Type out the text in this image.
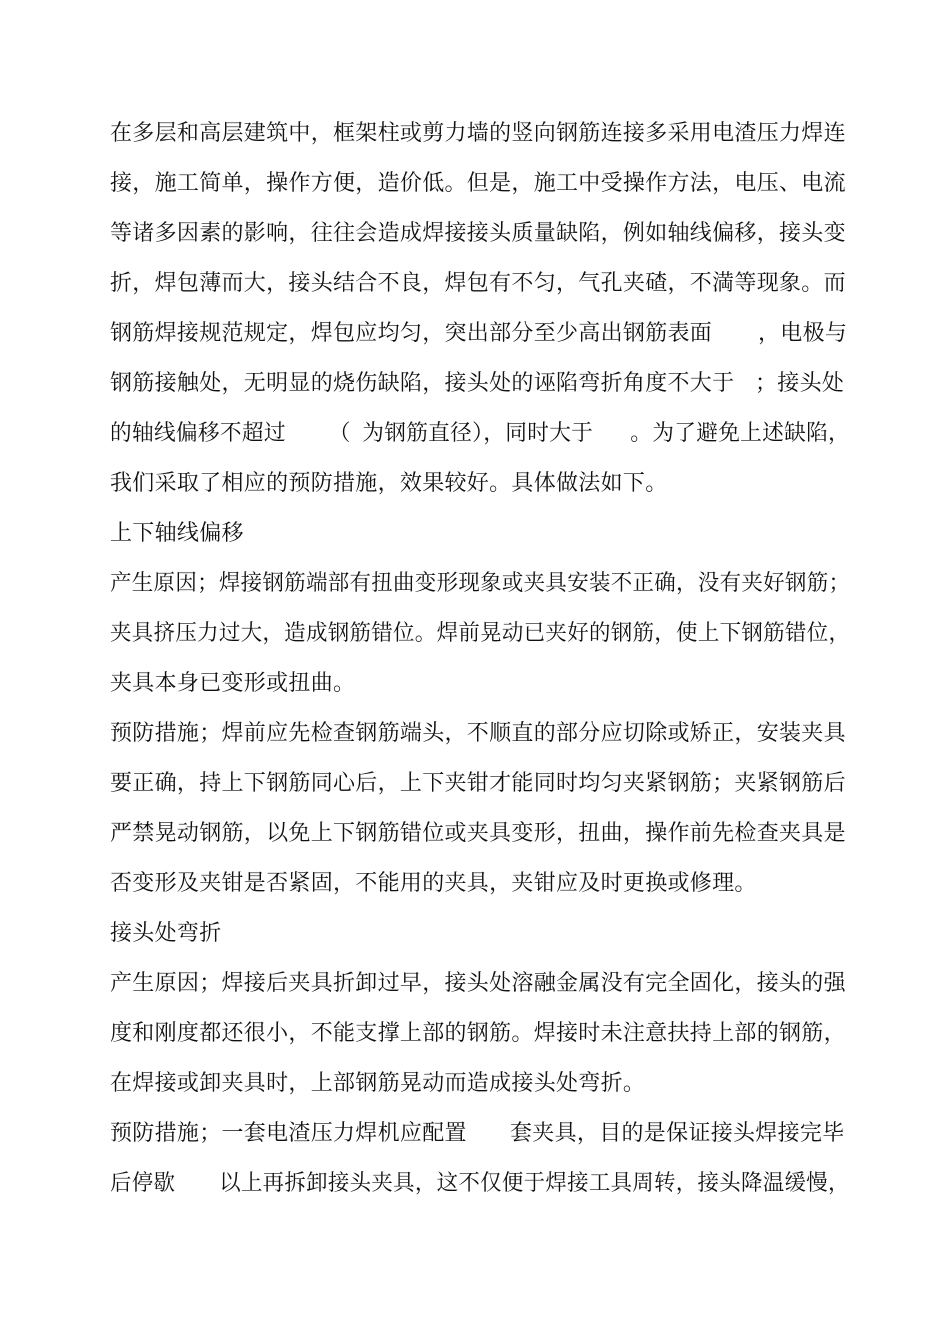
在多层和高层建筑中，框架柱或剪力墙的竖向钢筋连接多采用电渣压力焊连

接，施工简单，操作方便，造价低。但是，施工中受操作方法，电压、电流

等诸多因素的影响，往往会造成焊接接头质量缺陷，例如轴线偏移，接头变

折，焊包薄而大，接头结合不良，焊包有不匀，气孔夹碴，不満等现象。而

钢筋焊接规范规定，焊包应均匀，突出部分至少高出钢筋表面

，电极与

钢筋接触处，无明显的烧伤缺陷，接头处的诬陷弯折角度不大于

；接头处

的轴线偏移不超过

（

为钢筋直径），同时大于

。为了避免上述缺陷，

我们采取了相应的预防措施，效果较好。具体做法如下。

上下轴线偏移

产生原因；焊接钢筋端部有扭曲变形现象或夹具安装不正确，没有夹好钢筋；

夹具挤压力过大，造成钢筋错位。焊前晃动已夹好的钢筋，使上下钢筋错位，

夹具本身已变形或扭曲。

预防措施；焊前应先检查钢筋端头，不顺直的部分应切除或矫正，安装夹具

要正确，持上下钢筋同心后，上下夹钳才能同时均匀夹紧钢筋；夹紧钢筋后

严禁晃动钢筋，以免上下钢筋错位或夹具变形，扭曲，操作前先检查夹具是

否变形及夹钳是否紧固，不能用的夹具，夹钳应及时更换或修理。

接头处弯折

产生原因；焊接后夹具折卸过早，接头处溶融金属没有完全固化，接头的强

度和刚度都还很小，不能支撑上部的钢筋。焊接时未注意扶持上部的钢筋，

在焊接或卸夹具时，上部钢筋晃动而造成接头处弯折。

预防措施；一套电渣压力焊机应配置

套夹具，目的是保证接头焊接完毕

后停歇

以上再拆卸接头夹具，这不仅便于焊接工具周转，接头降温缓慢，
